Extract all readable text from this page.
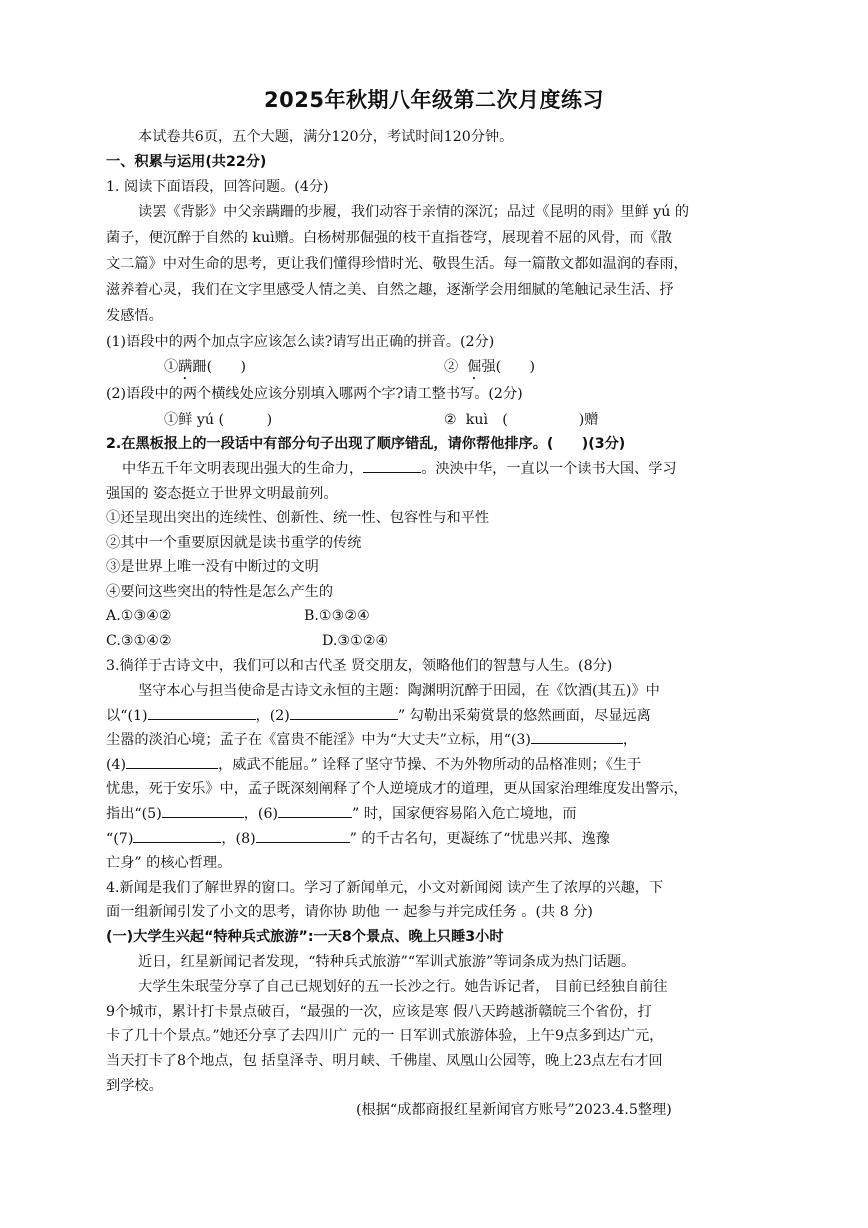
2025年秋期八年级第二次月度练习
本试卷共6页，五个大题，满分120分，考试时间120分钟。
一、积累与运用(共22分)
1. 阅读下面语段，回答问题。(4分)
读罢《背影》中父亲蹒跚的步履，我们动容于亲情的深沉；品过《昆明的雨》里鲜 yú 的
菌子，便沉醉于自然的 kuì赠。白杨树那倔强的枝干直指苍穹，展现着不屈的风骨，而《散
文二篇》中对生命的思考，更让我们懂得珍惜时光、敬畏生活。每一篇散文都如温润的春雨，
滋养着心灵，我们在文字里感受人情之美、自然之趣，逐渐学会用细腻的笔触记录生活、抒
发感悟。
(1)语段中的两个加点字应该怎么读?请写出正确的拼音。(2分)
①蹒跚(　　)	② 倔强(　　)
(2)语段中的两个横线处应该分别填入哪两个字?请工整书写。(2分)
①鲜 yú (　　　)	② kuì　(　　　　　)赠
2.在黑板报上的一段话中有部分句子出现了顺序错乱，请你帮他排序。(　　)(3分)
中华五千年文明表现出强大的生命力，	。泱泱中华，一直以一个读书大国、学习
强国的 姿态挺立于世界文明最前列。
①还呈现出突出的连续性、创新性、统一性、包容性与和平性
②其中一个重要原因就是读书重学的传统
③是世界上唯一没有中断过的文明
④要问这些突出的特性是怎么产生的
A.①③④②	B.①③②④
C.③①④②	D.③①②④
3.徜徉于古诗文中，我们可以和古代圣 贤交朋友，领略他们的智慧与人生。(8分)
坚守本心与担当使命是古诗文永恒的主题：陶渊明沉醉于田园，在《饮酒(其五)》中
以“(1)	，(2)	” 勾勒出采菊赏景的悠然画面，尽显远离
尘嚣的淡泊心境；孟子在《富贵不能淫》中为“大丈夫”立标，用“(3)	，
(4)	，威武不能屈。” 诠释了坚守节操、不为外物所动的品格准则；《生于
忧患，死于安乐》中，孟子既深刻阐释了个人逆境成才的道理，更从国家治理维度发出警示，
指出“(5)	，(6)	” 时，国家便容易陷入危亡境地，而
“(7)	，(8)	” 的千古名句，更凝练了“忧患兴邦、逸豫
亡身” 的核心哲理。
4.新闻是我们了解世界的窗口。学习了新闻单元，小文对新闻阅 读产生了浓厚的兴趣，下
面一组新闻引发了小文的思考，请你协 助他 一 起参与并完成任务 。(共 8 分)
(一)大学生兴起“特种兵式旅游”:一天8个景点、晚上只睡3小时
近日，红星新闻记者发现，“特种兵式旅游”“军训式旅游”等词条成为热门话题。
大学生朱珉莹分享了自己已规划好的五一长沙之行。她告诉记者， 目前已经独自前往
9个城市，累计打卡景点破百，“最强的一次，应该是寒 假八天跨越浙赣皖三个省份，打
卡了几十个景点。”她还分享了去四川广 元的一 日军训式旅游体验，上午9点多到达广元，
当天打卡了8个地点，包 括皇泽寺、明月峡、千佛崖、凤凰山公园等，晚上23点左右才回
到学校。
(根据“成都商报红星新闻官方账号”2023.4.5整理)
